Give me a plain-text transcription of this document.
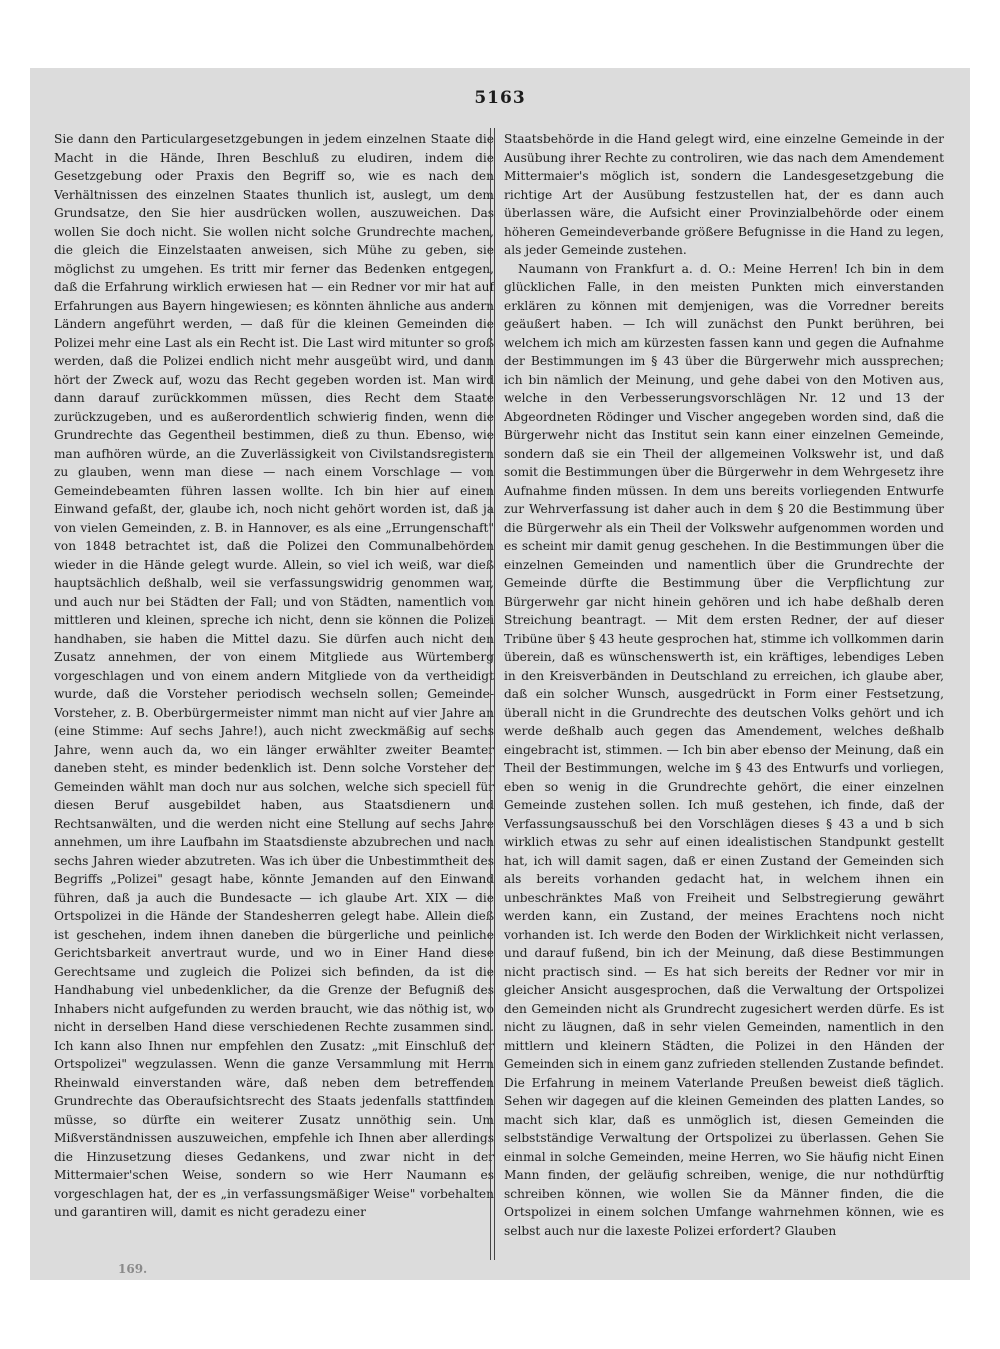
5163

Sie dann den Particulargesetzgebungen in jedem einzelnen Staate die Macht in die Hände, Ihren Beschluß zu eludiren, indem die Gesetzgebung oder Praxis den Begriff so, wie es nach den Verhältnissen des einzelnen Staates thunlich ist, auslegt, um dem Grundsatze, den Sie hier ausdrücken wollen, auszuweichen. Das wollen Sie doch nicht. Sie wollen nicht solche Grundrechte machen, die gleich die Einzelstaaten anweisen, sich Mühe zu geben, sie möglichst zu umgehen. Es tritt mir ferner das Bedenken entgegen, daß die Erfahrung wirklich erwiesen hat — ein Redner vor mir hat auf Erfahrungen aus Bayern hingewiesen; es könnten ähnliche aus andern Ländern angeführt werden, — daß für die kleinen Gemeinden die Polizei mehr eine Last als ein Recht ist. Die Last wird mitunter so groß werden, daß die Polizei endlich nicht mehr ausgeübt wird, und dann hört der Zweck auf, wozu das Recht gegeben worden ist. Man wird dann darauf zurückkommen müssen, dies Recht dem Staate zurückzugeben, und es außerordentlich schwierig finden, wenn die Grundrechte das Gegentheil bestimmen, dieß zu thun. Ebenso, wie man aufhören würde, an die Zuverlässigkeit von Civilstandsregistern zu glauben, wenn man diese — nach einem Vorschlage — von Gemeindebeamten führen lassen wollte. Ich bin hier auf einen Einwand gefaßt, der, glaube ich, noch nicht gehört worden ist, daß ja von vielen Gemeinden, z. B. in Hannover, es als eine „Errungenschaft" von 1848 betrachtet ist, daß die Polizei den Communalbehörden wieder in die Hände gelegt wurde. Allein, so viel ich weiß, war dieß hauptsächlich deßhalb, weil sie verfassungswidrig genommen war, und auch nur bei Städten der Fall; und von Städten, namentlich von mittleren und kleinen, spreche ich nicht, denn sie können die Polizei handhaben, sie haben die Mittel dazu. Sie dürfen auch nicht den Zusatz annehmen, der von einem Mitgliede aus Würtemberg vorgeschlagen und von einem andern Mitgliede von da vertheidigt wurde, daß die Vorsteher periodisch wechseln sollen; Gemeinde-Vorsteher, z. B. Oberbürgermeister nimmt man nicht auf vier Jahre an (eine Stimme: Auf sechs Jahre!), auch nicht zweckmäßig auf sechs Jahre, wenn auch da, wo ein länger erwählter zweiter Beamter daneben steht, es minder bedenklich ist. Denn solche Vorsteher der Gemeinden wählt man doch nur aus solchen, welche sich speciell für diesen Beruf ausgebildet haben, aus Staatsdienern und Rechtsanwälten, und die werden nicht eine Stellung auf sechs Jahre annehmen, um ihre Laufbahn im Staatsdienste abzubrechen und nach sechs Jahren wieder abzutreten. Was ich über die Unbestimmtheit des Begriffs „Polizei" gesagt habe, könnte Jemanden auf den Einwand führen, daß ja auch die Bundesacte — ich glaube Art. XIX — die Ortspolizei in die Hände der Standesherren gelegt habe. Allein dieß ist geschehen, indem ihnen daneben die bürgerliche und peinliche Gerichtsbarkeit anvertraut wurde, und wo in Einer Hand diese Gerechtsame und zugleich die Polizei sich befinden, da ist die Handhabung viel unbedenklicher, da die Grenze der Befugniß des Inhabers nicht aufgefunden zu werden braucht, wie das nöthig ist, wo nicht in derselben Hand diese verschiedenen Rechte zusammen sind. Ich kann also Ihnen nur empfehlen den Zusatz: „mit Einschluß der Ortspolizei" wegzulassen. Wenn die ganze Versammlung mit Herrn Rheinwald einverstanden wäre, daß neben dem betreffenden Grundrechte das Oberaufsichtsrecht des Staats jedenfalls stattfinden müsse, so dürfte ein weiterer Zusatz unnöthig sein. Um Mißverständnissen auszuweichen, empfehle ich Ihnen aber allerdings die Hinzusetzung dieses Gedankens, und zwar nicht in der Mittermaier'schen Weise, sondern so wie Herr Naumann es vorgeschlagen hat, der es „in verfassungsmäßiger Weise" vorbehalten und garantiren will, damit es nicht geradezu einer

Staatsbehörde in die Hand gelegt wird, eine einzelne Gemeinde in der Ausübung ihrer Rechte zu controliren, wie das nach dem Amendement Mittermaier's möglich ist, sondern die Landesgesetzgebung die richtige Art der Ausübung festzustellen hat, der es dann auch überlassen wäre, die Aufsicht einer Provinzialbehörde oder einem höheren Gemeindeverbande größere Befugnisse in die Hand zu legen, als jeder Gemeinde zustehen.

Naumann von Frankfurt a. d. O.: Meine Herren! Ich bin in dem glücklichen Falle, in den meisten Punkten mich einverstanden erklären zu können mit demjenigen, was die Vorredner bereits geäußert haben. — Ich will zunächst den Punkt berühren, bei welchem ich mich am kürzesten fassen kann und gegen die Aufnahme der Bestimmungen im § 43 über die Bürgerwehr mich aussprechen; ich bin nämlich der Meinung, und gehe dabei von den Motiven aus, welche in den Verbesserungsvorschlägen Nr. 12 und 13 der Abgeordneten Rödinger und Vischer angegeben worden sind, daß die Bürgerwehr nicht das Institut sein kann einer einzelnen Gemeinde, sondern daß sie ein Theil der allgemeinen Volkswehr ist, und daß somit die Bestimmungen über die Bürgerwehr in dem Wehrgesetz ihre Aufnahme finden müssen. In dem uns bereits vorliegenden Entwurfe zur Wehrverfassung ist daher auch in dem § 20 die Bestimmung über die Bürgerwehr als ein Theil der Volkswehr aufgenommen worden und es scheint mir damit genug geschehen. In die Bestimmungen über die einzelnen Gemeinden und namentlich über die Grundrechte der Gemeinde dürfte die Bestimmung über die Verpflichtung zur Bürgerwehr gar nicht hinein gehören und ich habe deßhalb deren Streichung beantragt. — Mit dem ersten Redner, der auf dieser Tribüne über § 43 heute gesprochen hat, stimme ich vollkommen darin überein, daß es wünschenswerth ist, ein kräftiges, lebendiges Leben in den Kreisverbänden in Deutschland zu erreichen, ich glaube aber, daß ein solcher Wunsch, ausgedrückt in Form einer Festsetzung, überall nicht in die Grundrechte des deutschen Volks gehört und ich werde deßhalb auch gegen das Amendement, welches deßhalb eingebracht ist, stimmen. — Ich bin aber ebenso der Meinung, daß ein Theil der Bestimmungen, welche im § 43 des Entwurfs und vorliegen, eben so wenig in die Grundrechte gehört, die einer einzelnen Gemeinde zustehen sollen. Ich muß gestehen, ich finde, daß der Verfassungsausschuß bei den Vorschlägen dieses § 43 a und b sich wirklich etwas zu sehr auf einen idealistischen Standpunkt gestellt hat, ich will damit sagen, daß er einen Zustand der Gemeinden sich als bereits vorhanden gedacht hat, in welchem ihnen ein unbeschränktes Maß von Freiheit und Selbstregierung gewährt werden kann, ein Zustand, der meines Erachtens noch nicht vorhanden ist. Ich werde den Boden der Wirklichkeit nicht verlassen, und darauf fußend, bin ich der Meinung, daß diese Bestimmungen nicht practisch sind. — Es hat sich bereits der Redner vor mir in gleicher Ansicht ausgesprochen, daß die Verwaltung der Ortspolizei den Gemeinden nicht als Grundrecht zugesichert werden dürfe. Es ist nicht zu läugnen, daß in sehr vielen Gemeinden, namentlich in den mittlern und kleinern Städten, die Polizei in den Händen der Gemeinden sich in einem ganz zufrieden stellenden Zustande befindet. Die Erfahrung in meinem Vaterlande Preußen beweist dieß täglich. Sehen wir dagegen auf die kleinen Gemeinden des platten Landes, so macht sich klar, daß es unmöglich ist, diesen Gemeinden die selbstständige Verwaltung der Ortspolizei zu überlassen. Gehen Sie einmal in solche Gemeinden, meine Herren, wo Sie häufig nicht Einen Mann finden, der geläufig schreiben, wenige, die nur nothdürftig schreiben können, wie wollen Sie da Männer finden, die die Ortspolizei in einem solchen Umfange wahrnehmen können, wie es selbst auch nur die laxeste Polizei erfordert? Glauben

169.
